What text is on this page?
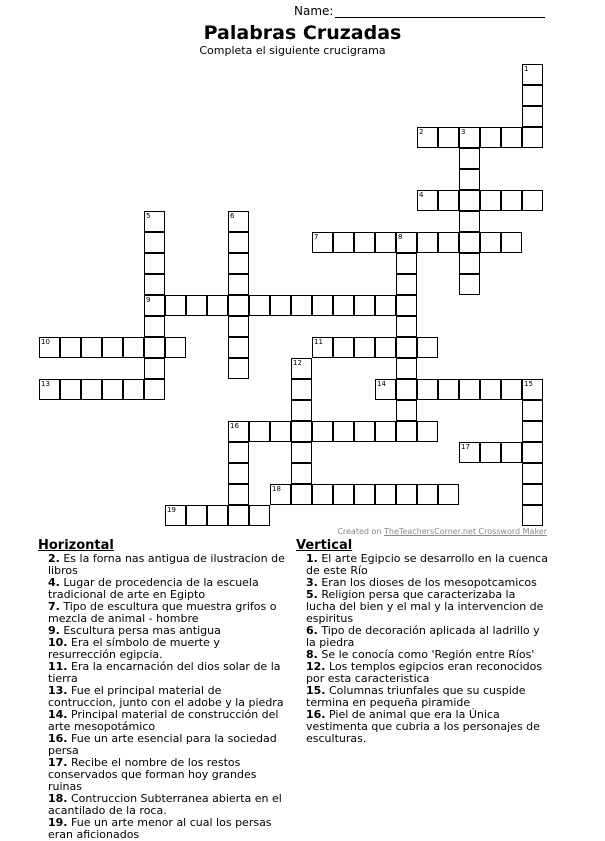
Name:
Palabras Cruzadas
Completa el siguiente crucigrama
1
2	3
4
5	6
7	8
9
10	11
12
13	14	15
16
17
18
19
Created on TheTeachersCorner.net Crossword Maker
Horizontal
2. Es la forna nas antigua de ilustracion de libros
4. Lugar de procedencia de la escuela tradicional de arte en Egipto
7. Tipo de escultura que muestra grifos o mezcla de animal - hombre
9. Escultura persa mas antigua
10. Era el símbolo de muerte y resurrección egipcia.
11. Era la encarnación del dios solar de la tierra
13. Fue el principal material de contruccion, junto con el adobe y la piedra
14. Principal material de construcción del arte mesopotámico
16. Fue un arte esencial para la sociedad persa
17. Recibe el nombre de los restos conservados que forman hoy grandes ruinas
18. Contruccion Subterranea abierta en el acantilado de la roca.
19. Fue un arte menor al cual los persas eran aficionados
Vertical
1. El arte Egipcio se desarrollo en la cuenca de este Río
3. Eran los dioses de los mesopotcamicos
5. Religion persa que caracterizaba la lucha del bien y el mal y la intervencion de espiritus
6. Tipo de decoración aplicada al ladrillo y la piedra
8. Se le conocía como 'Región entre Ríos'
12. Los templos egipcios eran reconocidos por esta caracteristica
15. Columnas triunfales que su cuspide termina en pequeña piramide
16. Piel de animal que era la Única vestimenta que cubria a los personajes de esculturas.
